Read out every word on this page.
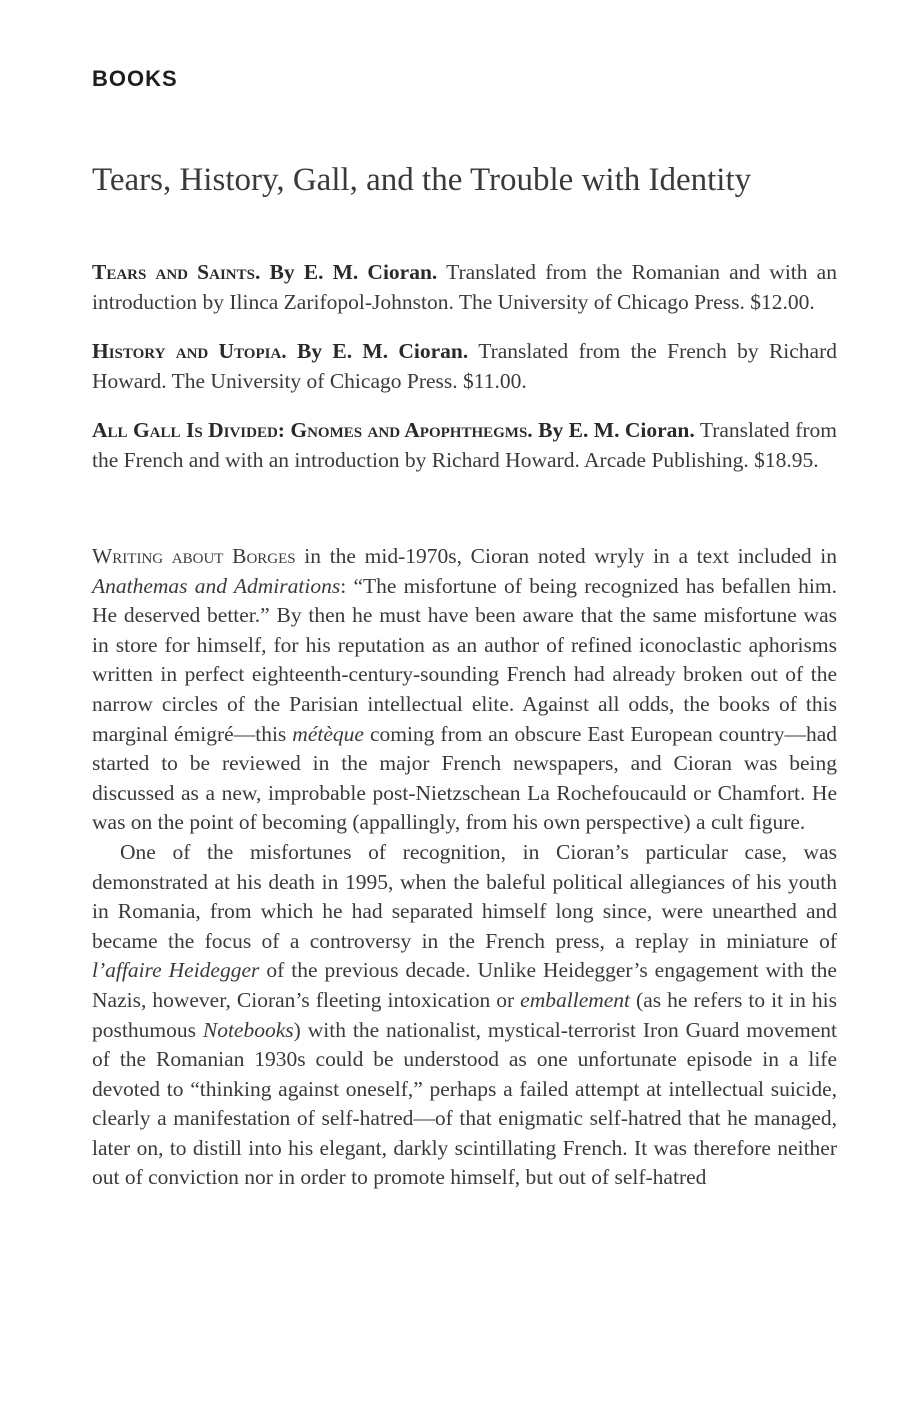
BOOKS
Tears, History, Gall, and the Trouble with Identity

Tears and Saints. By E. M. Cioran. Translated from the Romanian and with an introduction by Ilinca Zarifopol-Johnston. The University of Chicago Press. $12.00.

History and Utopia. By E. M. Cioran. Translated from the French by Richard Howard. The University of Chicago Press. $11.00.

All Gall Is Divided: Gnomes and Apophthegms. By E. M. Cioran. Translated from the French and with an introduction by Richard Howard. Arcade Publishing. $18.95.

Writing about Borges in the mid-1970s, Cioran noted wryly in a text included in Anathemas and Admirations: “The misfortune of being recognized has befallen him. He deserved better.” By then he must have been aware that the same misfortune was in store for himself, for his reputation as an author of refined iconoclastic aphorisms written in perfect eighteenth-century-sounding French had already broken out of the narrow circles of the Parisian intellectual elite. Against all odds, the books of this marginal émigré—this métèque coming from an obscure East European country—had started to be reviewed in the major French newspapers, and Cioran was being discussed as a new, improbable post-Nietzschean La Rochefoucauld or Chamfort. He was on the point of becoming (appallingly, from his own perspective) a cult figure.

One of the misfortunes of recognition, in Cioran’s particular case, was demonstrated at his death in 1995, when the baleful political allegiances of his youth in Romania, from which he had separated himself long since, were unearthed and became the focus of a controversy in the French press, a replay in miniature of l’affaire Heidegger of the previous decade. Unlike Heidegger’s engagement with the Nazis, however, Cioran’s fleeting intoxication or emballement (as he refers to it in his posthumous Notebooks) with the nationalist, mystical-terrorist Iron Guard movement of the Romanian 1930s could be understood as one unfortunate episode in a life devoted to “thinking against oneself,” perhaps a failed attempt at intellectual suicide, clearly a manifestation of self-hatred—of that enigmatic self-hatred that he managed, later on, to distill into his elegant, darkly scintillating French. It was therefore neither out of conviction nor in order to promote himself, but out of self-hatred
